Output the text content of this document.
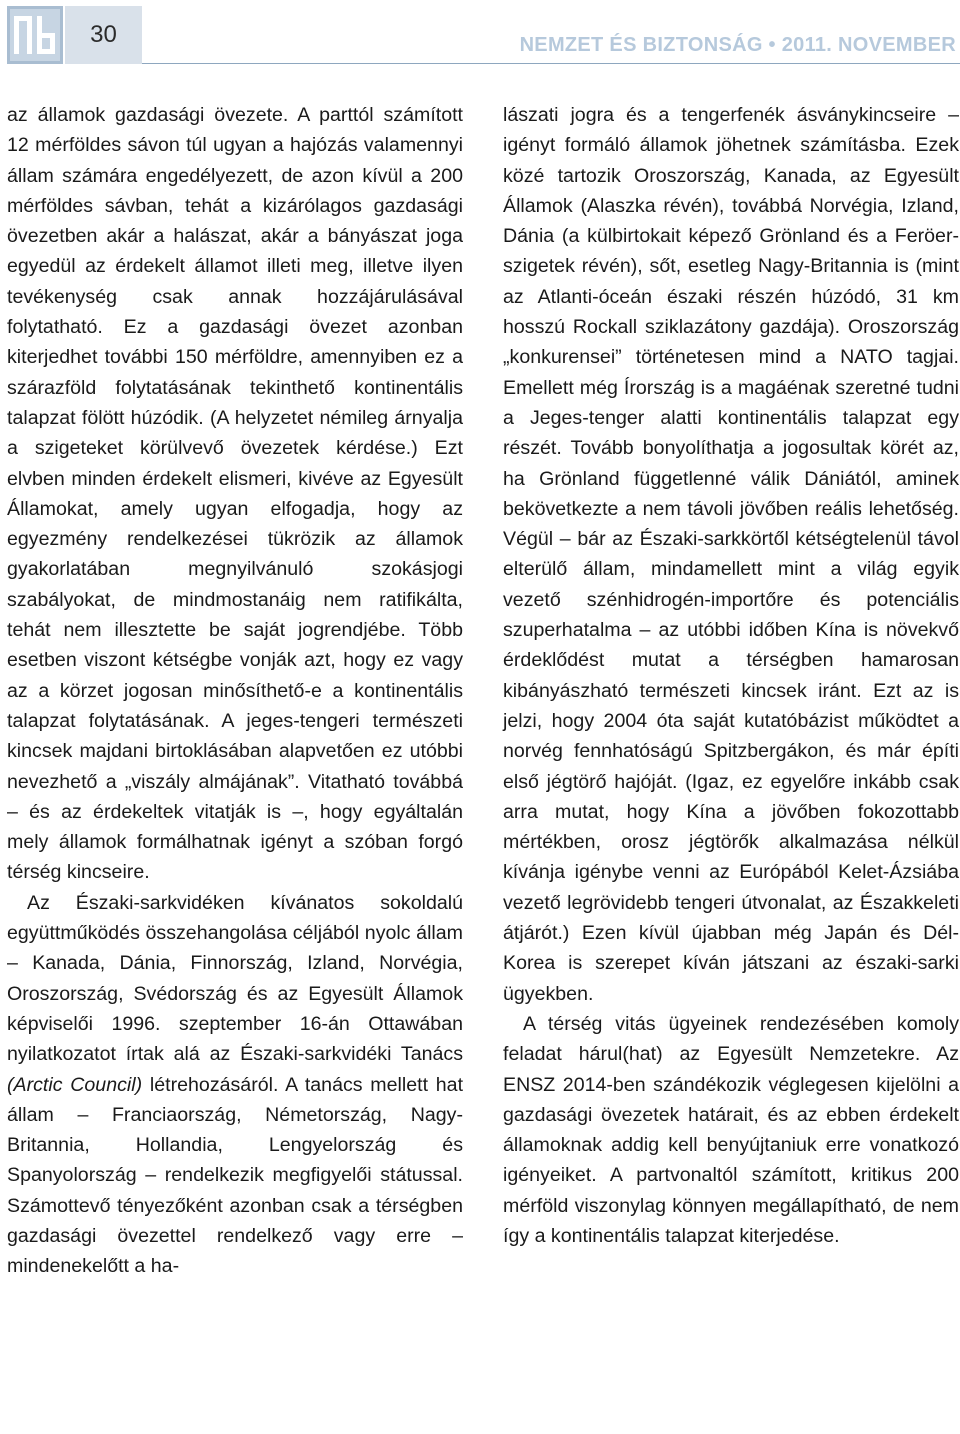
30	NEMZET ÉS BIZTONSÁG • 2011. NOVEMBER

az államok gazdasági övezete. A parttól számított 12 mérföldes sávon túl ugyan a hajózás valamennyi állam számára engedélyezett, de azon kívül a 200 mérföldes sávban, tehát a kizárólagos gazdasági övezetben akár a halászat, akár a bányászat joga egyedül az érdekelt államot illeti meg, illetve ilyen tevékenység csak annak hozzájárulásával folytatható. Ez a gazdasági övezet azonban kiterjedhet további 150 mérföldre, amennyiben ez a szárazföld folytatásának tekinthető kontinentális talapzat fölött húzódik. (A helyzetet némileg árnyalja a szigeteket körülvevő övezetek kérdése.) Ezt elvben minden érdekelt elismeri, kivéve az Egyesült Államokat, amely ugyan elfogadja, hogy az egyezmény rendelkezései tükrözik az államok gyakorlatában megnyilvánuló szokásjogi szabályokat, de mindmostanáig nem ratifikálta, tehát nem illesztette be saját jogrendjébe. Több esetben viszont kétségbe vonják azt, hogy ez vagy az a körzet jogosan minősíthető-e a kontinentális talapzat folytatásának. A jeges-tengeri természeti kincsek majdani birtoklásában alapvetően ez utóbbi nevezhető a „viszály almájának”. Vitatható továbbá – és az érdekeltek vitatják is –, hogy egyáltalán mely államok formálhatnak igényt a szóban forgó térség kincseire.

Az Északi-sarkvidéken kívánatos sokoldalú együttműködés összehangolása céljából nyolc állam – Kanada, Dánia, Finnország, Izland, Norvégia, Oroszország, Svédország és az Egyesült Államok képviselői 1996. szeptember 16-án Ottawában nyilatkozatot írtak alá az Északi-sarkvidéki Tanács (Arctic Council) létrehozásáról. A tanács mellett hat állam – Franciaország, Németország, Nagy-Britannia, Hollandia, Lengyelország és Spanyolország – rendelkezik megfigyelői státussal. Számottevő tényezőként azonban csak a térségben gazdasági övezettel rendelkező vagy erre – mindenekelőtt a ha-

lászati jogra és a tengerfenék ásványkincseire – igényt formáló államok jöhetnek számításba. Ezek közé tartozik Oroszország, Kanada, az Egyesült Államok (Alaszka révén), továbbá Norvégia, Izland, Dánia (a külbirtokait képező Grönland és a Feröer-szigetek révén), sőt, esetleg Nagy-Britannia is (mint az Atlanti-óceán északi részén húzódó, 31 km hosszú Rockall sziklazátony gazdája). Oroszország „konkurensei” történetesen mind a NATO tagjai. Emellett még Írország is a magáénak szeretné tudni a Jeges-tenger alatti kontinentális talapzat egy részét. Tovább bonyolíthatja a jogosultak körét az, ha Grönland függetlenné válik Dániától, aminek bekövetkezte a nem távoli jövőben reális lehetőség. Végül – bár az Északi-sarkkörtől kétségtelenül távol elterülő állam, mindamellett mint a világ egyik vezető szénhidrogén-importőre és potenciális szuperhatalma – az utóbbi időben Kína is növekvő érdeklődést mutat a térségben hamarosan kibányászható természeti kincsek iránt. Ezt az is jelzi, hogy 2004 óta saját kutatóbázist működtet a norvég fennhatóságú Spitzbergákon, és már építi első jégtörő hajóját. (Igaz, ez egyelőre inkább csak arra mutat, hogy Kína a jövőben fokozottabb mértékben, orosz jégtörők alkalmazása nélkül kívánja igénybe venni az Európából Kelet-Ázsiába vezető legrövidebb tengeri útvonalat, az Északkeleti átjárót.) Ezen kívül újabban még Japán és Dél-Korea is szerepet kíván játszani az északi-sarki ügyekben.

A térség vitás ügyeinek rendezésében komoly feladat hárul(hat) az Egyesült Nemzetekre. Az ENSZ 2014-ben szándékozik véglegesen kijelölni a gazdasági övezetek határait, és az ebben érdekelt államoknak addig kell benyújtaniuk erre vonatkozó igényeiket. A partvonaltól számított, kritikus 200 mérföld viszonylag könnyen megállapítható, de nem így a kontinentális talapzat kiterjedése.
